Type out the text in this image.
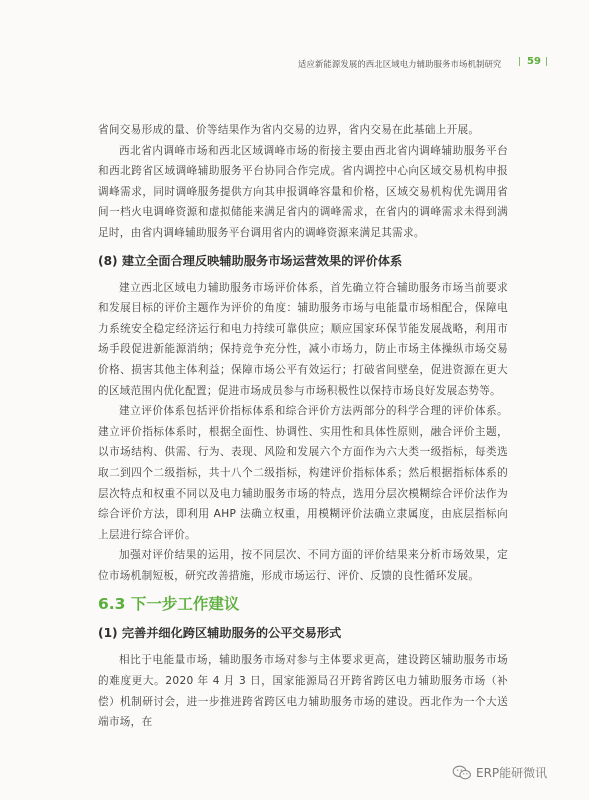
适应新能源发展的西北区域电力辅助服务市场机制研究 | 59 |

省间交易形成的量、价等结果作为省内交易的边界，省内交易在此基础上开展。

西北省内调峰市场和西北区域调峰市场的衔接主要由西北省内调峰辅助服务平台和西北跨省区域调峰辅助服务平台协同合作完成。省内调控中心向区域交易机构申报调峰需求，同时调峰服务提供方向其申报调峰容量和价格，区域交易机构优先调用省间一档火电调峰资源和虚拟储能来满足省内的调峰需求，在省内的调峰需求未得到满足时，由省内调峰辅助服务平台调用省内的调峰资源来满足其需求。

(8) 建立全面合理反映辅助服务市场运营效果的评价体系

建立西北区域电力辅助服务市场评价体系，首先确立符合辅助服务市场当前要求和发展目标的评价主题作为评价的角度：辅助服务市场与电能量市场相配合，保障电力系统安全稳定经济运行和电力持续可靠供应；顺应国家环保节能发展战略，利用市场手段促进新能源消纳；保持竞争充分性，减小市场力，防止市场主体操纵市场交易价格、损害其他主体利益；保障市场公平有效运行；打破省间壁垒，促进资源在更大的区域范围内优化配置；促进市场成员参与市场积极性以保持市场良好发展态势等。

建立评价体系包括评价指标体系和综合评价方法两部分的科学合理的评价体系。建立评价指标体系时，根据全面性、协调性、实用性和具体性原则，融合评价主题，以市场结构、供需、行为、表现、风险和发展六个方面作为六大类一级指标，每类选取二到四个二级指标，共十八个二级指标，构建评价指标体系；然后根据指标体系的层次特点和权重不同以及电力辅助服务市场的特点，选用分层次模糊综合评价法作为综合评价方法，即利用 AHP 法确立权重，用模糊评价法确立隶属度，由底层指标向上层进行综合评价。

加强对评价结果的运用，按不同层次、不同方面的评价结果来分析市场效果，定位市场机制短板，研究改善措施，形成市场运行、评价、反馈的良性循环发展。

6.3 下一步工作建议
(1) 完善并细化跨区辅助服务的公平交易形式

相比于电能量市场，辅助服务市场对参与主体要求更高，建设跨区辅助服务市场的难度更大。2020 年 4 月 3 日，国家能源局召开跨省跨区电力辅助服务市场（补偿）机制研讨会，进一步推进跨省跨区电力辅助服务市场的建设。西北作为一个大送端市场，在

ERP能研微讯
